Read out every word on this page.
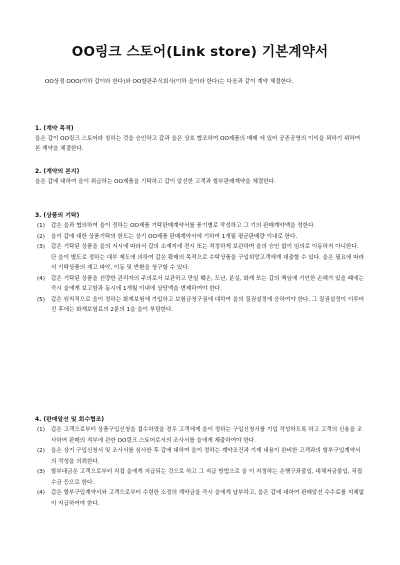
OO링크 스토어(Link store) 기본계약서
OO상점 OOO(이하 갑이라 한다)와 OO할판주식회사(이하 을이라 한다)는 다음과 같이 계약 체결한다.
1. (계약 목적)
을은 갑이 OO링크 스토어라 칭하는 것을 승인하고 갑과 을은 상호 협조하여 OO제품의 매매 에 있어 공존공영의 이익을 꾀하기 위하여 본 계약을 체결한다.
2. (계약의 본지)
을은 갑에 대하여 을이 취급하는 OO제품을 기탁하고 갑이 알선한 고객과 할부판매계약을 체결한다.
3. (상품의 기탁)
(1) 갑은 을과 협의하여 을이 정하는 OO제품 기탁판매계약서를 풍기별로 작성하고 그 기의 판매계약액을 정한다.
(2) 을이 갑에 대한 상품기탁의 한도는 상기 OO제품 판매계약서에 기하여 1개월 평균판매량 이내로 한다.
(3) 갑은 기탁된 상품을 을의 지시에 따라서 갑의 소재지에 전시 또는 적정하게 보관하며 을의 승인 없이 임의로 이동하지 아니한다. 단 을이 별도로 정하는 대부 제도에 의하여 갑은 확매의 목적으로 수탁상품을 구입희망고객에게 대출할 수 있다. 을은 필요에 따라서 기탁상품의 재고 파악, 이동 및 반환을 청구할 수 있다.
(4) 갑은 기탁된 상품을 선량한 관리자의 주의로서 보관하고 만일 훼손, 도난, 분실, 화재 또는 갑의 책임에 기인한 손해가 있을 때에는 즉시 을에게 보고함과 동시에 1개월 이내에 상당액을 변제하여야 한다.
(5) 갑은 원칙적으로 을이 정하는 화재보험에 가입하고 보험금청구권에 대하여 을의 질권설정에 응하여야 한다. 그 질권설정이 이루어진 후에는 화재보험료의 2분의 1을 을이 부담한다.
4. (판매알선 및 회수협조)
(1) 갑은 고객으로부터 상품구입신청을 접수하였을 경우 고객에게 을이 정하는 구입신청서를 기입 작성하도록 하고 고객의 신용을 조사하여 판매의 적부에 관한 OO링크 스토어로서의 조사서를 을에게 제출하여야 한다.
(2) 을은 상기 구입신청서 및 조사서를 심사한 후 갑에 대하여 을이 정하는 계약조건과 기재 내용이 완비한 고객과의 할부구입계약서의 작성을 의뢰한다.
(3) 할부대금은 고객으로부터 직접 을에게 지급되는 것으로 하고 그 지급 방법으로 을 이 지정하는 은행구좌불입, 대체저금불입, 직접 수금 등으로 한다.
(4) 갑은 할부구입계약서와 고객으로부터 수령한 소정의 계약금을 즉시 을에게 납부하고, 을은 갑에 대하여 판매알선 수수료를 지체없이 지급하여야 한다.
